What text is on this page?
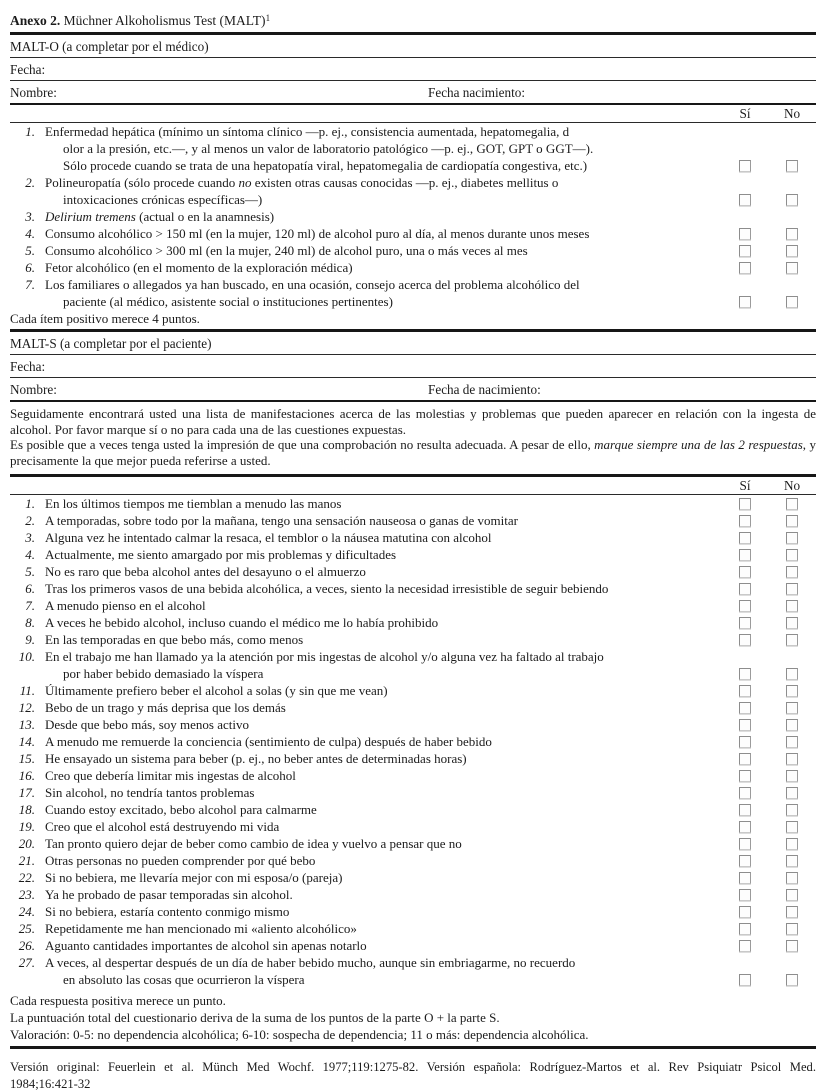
Anexo 2. Müchner Alkoholismus Test (MALT)$^1$
MALT-O (a completar por el médico)
Fecha:
Nombre:	Fecha nacimiento:
Sí	No
1. Enfermedad hepática (mínimo un síntoma clínico —p. ej., consistencia aumentada, hepatomegalia, d
olor a la presión, etc.—, y al menos un valor de laboratorio patológico —p. ej., GOT, GPT o GGT—).
Sólo procede cuando se trata de una hepatopatía viral, hepatomegalia de cardiopatía congestiva, etc.)
2. Polineuropatía (sólo procede cuando no existen otras causas conocidas —p. ej., diabetes mellitus o
intoxicaciones crónicas específicas—)
3. Delirium tremens (actual o en la anamnesis)
4. Consumo alcohólico > 150 ml (en la mujer, 120 ml) de alcohol puro al día, al menos durante unos meses
5. Consumo alcohólico > 300 ml (en la mujer, 240 ml) de alcohol puro, una o más veces al mes
6. Fetor alcohólico (en el momento de la exploración médica)
7. Los familiares o allegados ya han buscado, en una ocasión, consejo acerca del problema alcohólico del
paciente (al médico, asistente social o instituciones pertinentes)
Cada ítem positivo merece 4 puntos.
MALT-S (a completar por el paciente)
Fecha:
Nombre:	Fecha de nacimiento:

Seguidamente encontrará usted una lista de manifestaciones acerca de las molestias y problemas que pueden aparecer en relación con la ingesta de alcohol. Por favor marque sí o no para cada una de las cuestiones expuestas.

Es posible que a veces tenga usted la impresión de que una comprobación no resulta adecuada. A pesar de ello, marque siempre una de las 2 respuestas, y precisamente la que mejor pueda referirse a usted.

Sí	No
1. En los últimos tiempos me tiemblan a menudo las manos
2. A temporadas, sobre todo por la mañana, tengo una sensación nauseosa o ganas de vomitar
3. Alguna vez he intentado calmar la resaca, el temblor o la náusea matutina con alcohol
4. Actualmente, me siento amargado por mis problemas y dificultades
5. No es raro que beba alcohol antes del desayuno o el almuerzo
6. Tras los primeros vasos de una bebida alcohólica, a veces, siento la necesidad irresistible de seguir bebiendo
7. A menudo pienso en el alcohol
8. A veces he bebido alcohol, incluso cuando el médico me lo había prohibido
9. En las temporadas en que bebo más, como menos
10. En el trabajo me han llamado ya la atención por mis ingestas de alcohol y/o alguna vez ha faltado al trabajo
por haber bebido demasiado la víspera
11. Últimamente prefiero beber el alcohol a solas (y sin que me vean)
12. Bebo de un trago y más deprisa que los demás
13. Desde que bebo más, soy menos activo
14. A menudo me remuerde la conciencia (sentimiento de culpa) después de haber bebido
15. He ensayado un sistema para beber (p. ej., no beber antes de determinadas horas)
16. Creo que debería limitar mis ingestas de alcohol
17. Sin alcohol, no tendría tantos problemas
18. Cuando estoy excitado, bebo alcohol para calmarme
19. Creo que el alcohol está destruyendo mi vida
20. Tan pronto quiero dejar de beber como cambio de idea y vuelvo a pensar que no
21. Otras personas no pueden comprender por qué bebo
22. Si no bebiera, me llevaría mejor con mi esposa/o (pareja)
23. Ya he probado de pasar temporadas sin alcohol.
24. Si no bebiera, estaría contento conmigo mismo
25. Repetidamente me han mencionado mi «aliento alcohólico»
26. Aguanto cantidades importantes de alcohol sin apenas notarlo
27. A veces, al despertar después de un día de haber bebido mucho, aunque sin embriagarme, no recuerdo
en absoluto las cosas que ocurrieron la víspera
Cada respuesta positiva merece un punto.
La puntuación total del cuestionario deriva de la suma de los puntos de la parte O + la parte S.
Valoración: 0-5: no dependencia alcohólica; 6-10: sospecha de dependencia; 11 o más: dependencia alcohólica.
Versión original: Feuerlein et al. Münch Med Wochf. 1977;119:1275-82. Versión española: Rodríguez-Martos et al. Rev Psiquiatr Psicol Med. 1984;16:421-32
